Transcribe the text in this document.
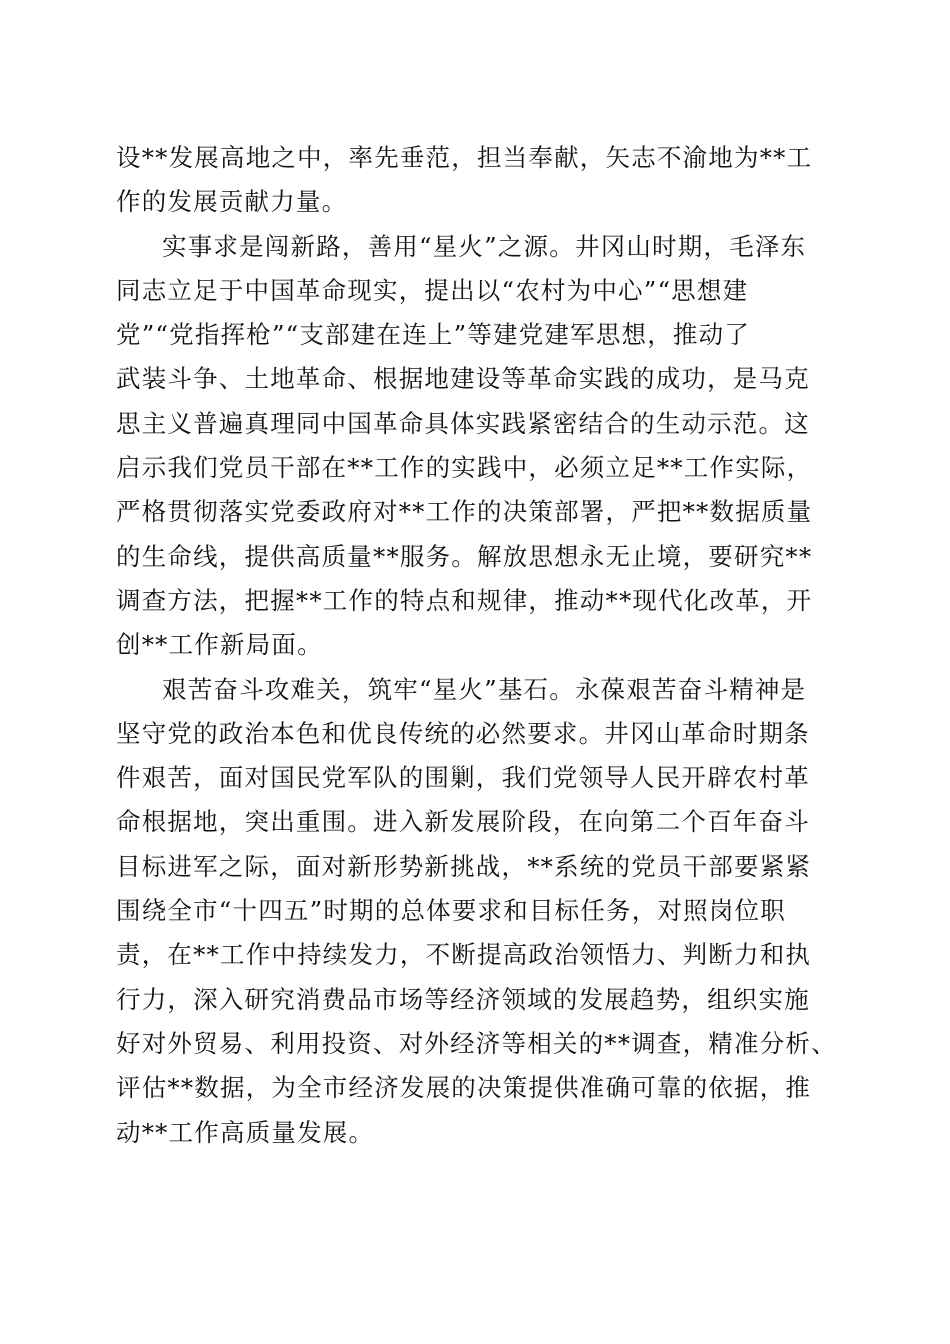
设**发展高地之中，率先垂范，担当奉献，矢志不渝地为**工
作的发展贡献力量。
实事求是闯新路，善用“星火”之源。井冈山时期，毛泽东
同志立足于中国革命现实，提出以“农村为中心”“思想建
党”“党指挥枪”“支部建在连上”等建党建军思想，推动了
武装斗争、土地革命、根据地建设等革命实践的成功，是马克
思主义普遍真理同中国革命具体实践紧密结合的生动示范。这
启示我们党员干部在**工作的实践中，必须立足**工作实际，
严格贯彻落实党委政府对**工作的决策部署，严把**数据质量
的生命线，提供高质量**服务。解放思想永无止境，要研究**
调查方法，把握**工作的特点和规律，推动**现代化改革，开
创**工作新局面。
艰苦奋斗攻难关，筑牢“星火”基石。永葆艰苦奋斗精神是
坚守党的政治本色和优良传统的必然要求。井冈山革命时期条
件艰苦，面对国民党军队的围剿，我们党领导人民开辟农村革
命根据地，突出重围。进入新发展阶段，在向第二个百年奋斗
目标进军之际，面对新形势新挑战，**系统的党员干部要紧紧
围绕全市“十四五”时期的总体要求和目标任务，对照岗位职
责，在**工作中持续发力，不断提高政治领悟力、判断力和执
行力，深入研究消费品市场等经济领域的发展趋势，组织实施
好对外贸易、利用投资、对外经济等相关的**调查，精准分析、
评估**数据，为全市经济发展的决策提供准确可靠的依据，推
动**工作高质量发展。
